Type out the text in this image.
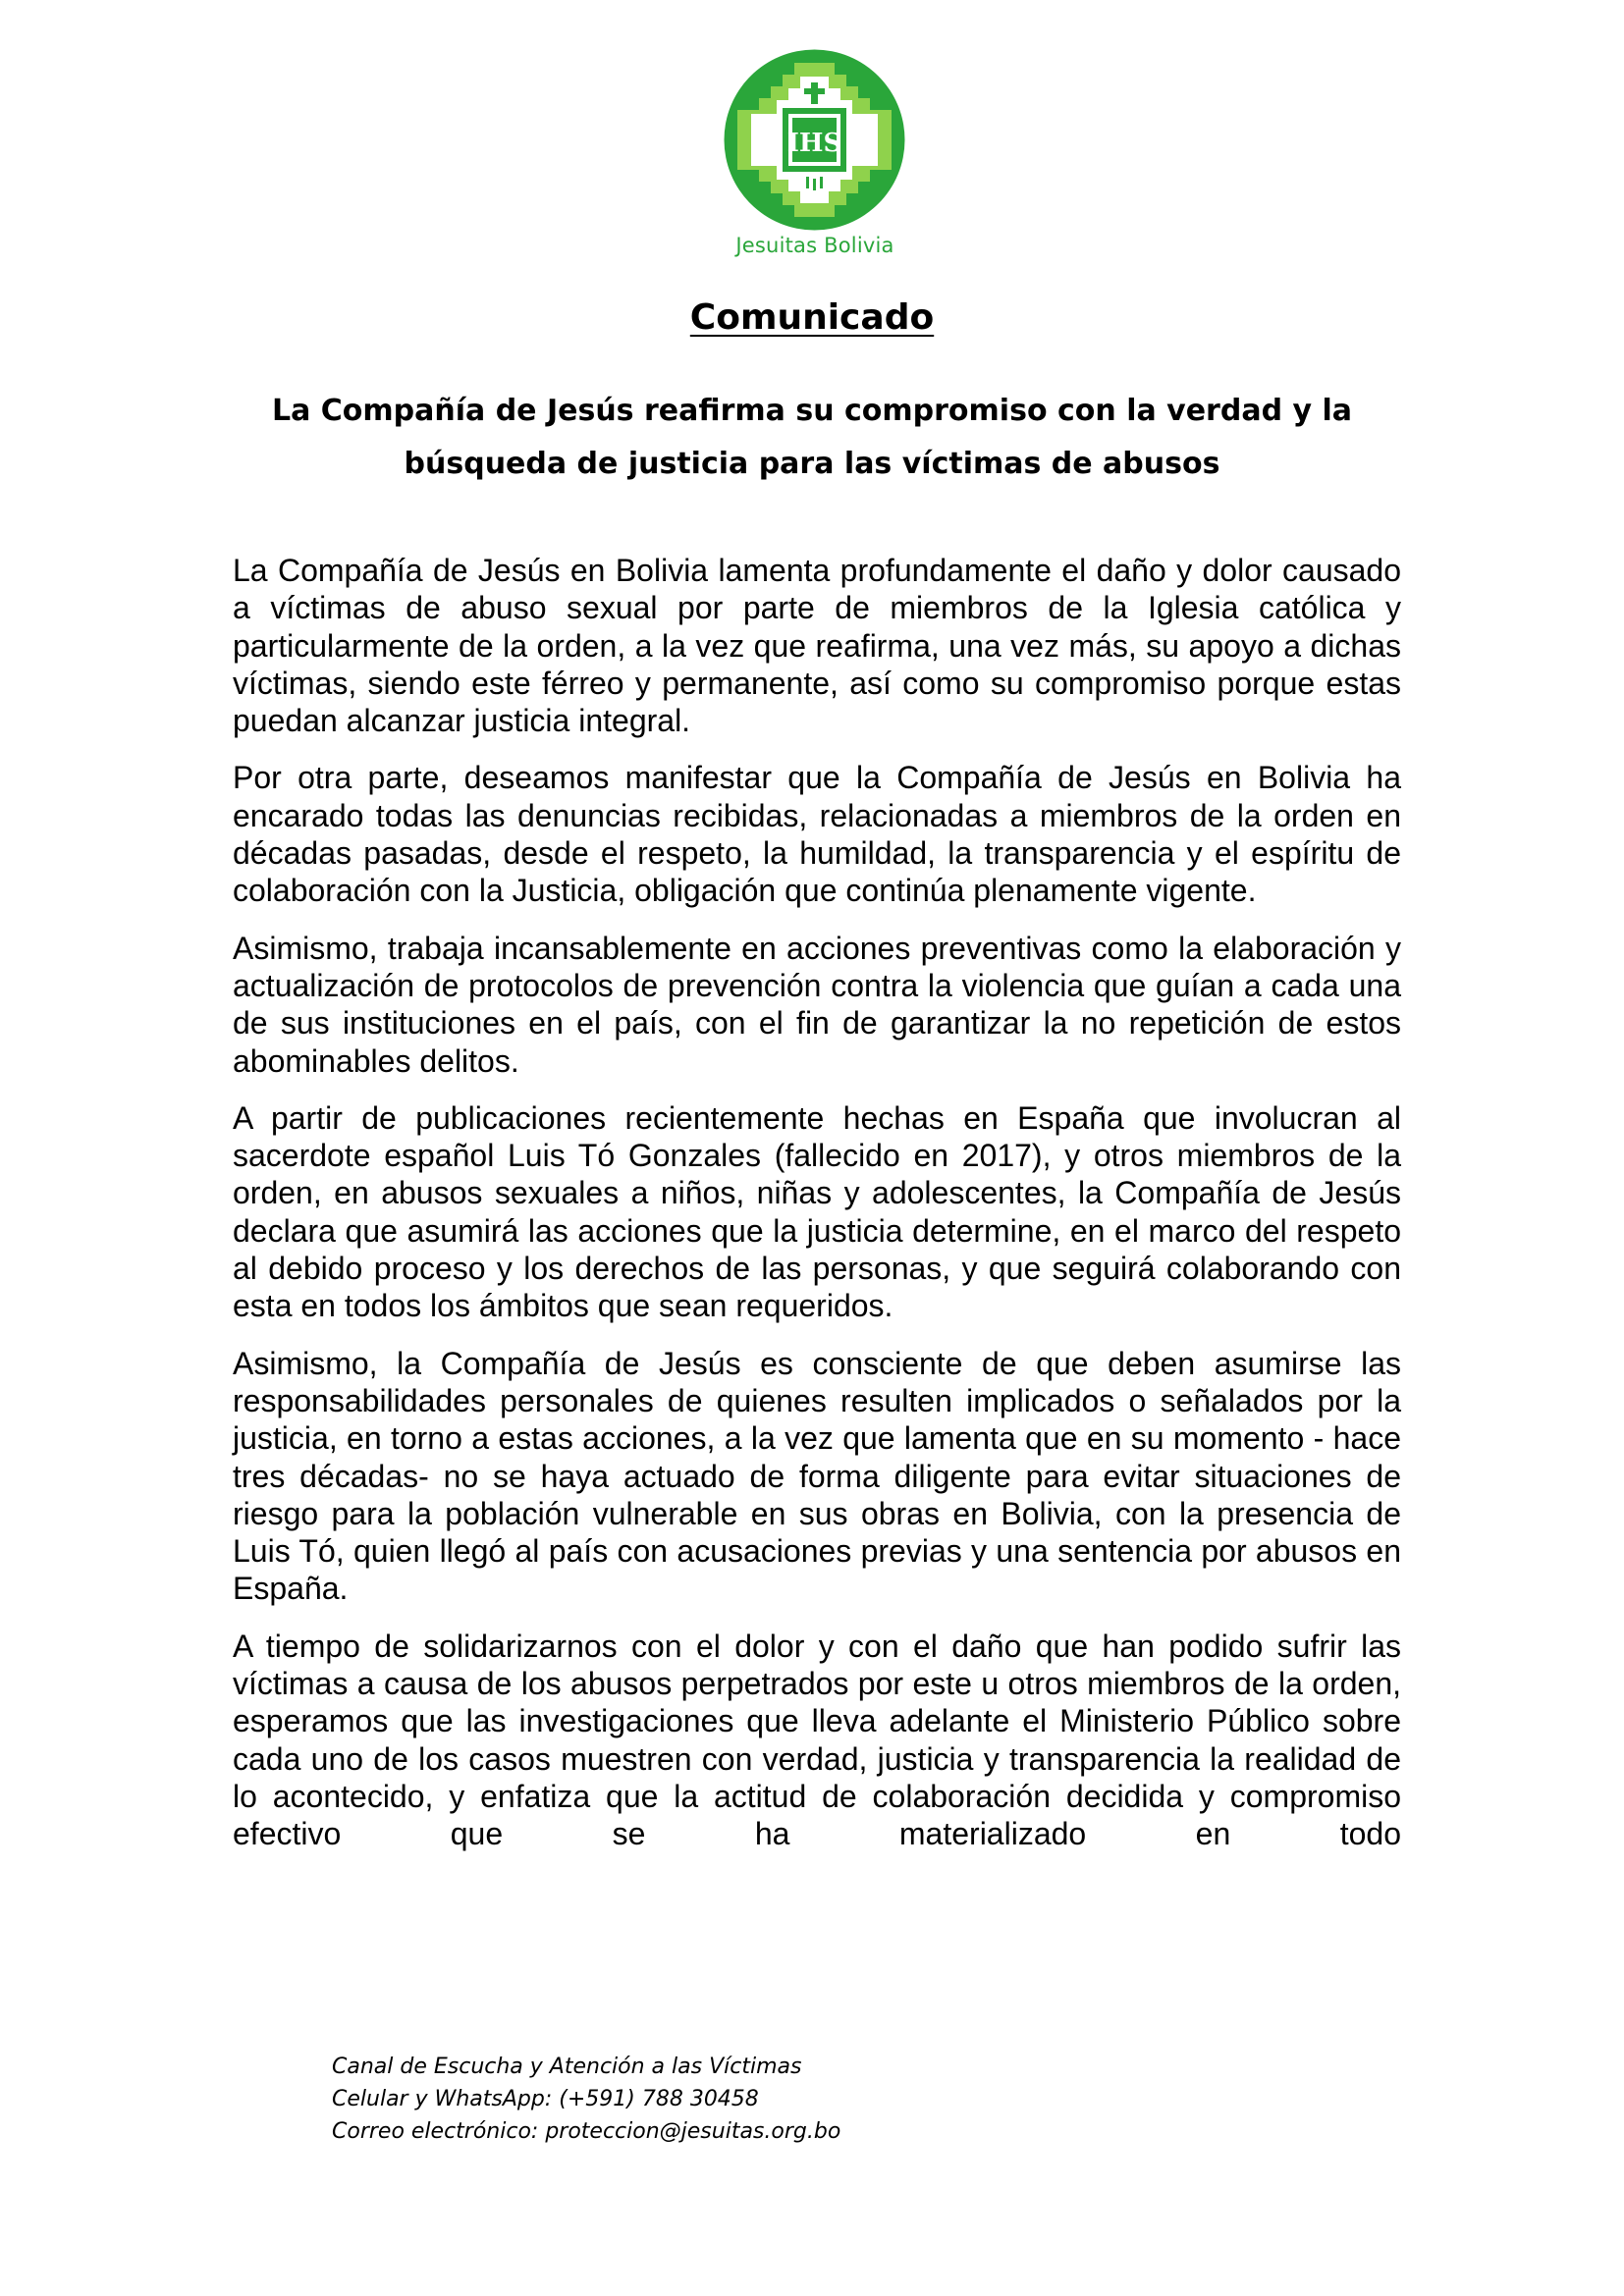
IHS
Jesuitas Bolivia
Comunicado
La Compañía de Jesús reafirma su compromiso con la verdad y la
búsqueda de justicia para las víctimas de abusos

La Compañía de Jesús en Bolivia lamenta profundamente el daño y dolor causado a víctimas de abuso sexual por parte de miembros de la Iglesia católica y particularmente de la orden, a la vez que reafirma, una vez más, su apoyo a dichas víctimas, siendo este férreo y permanente, así como su compromiso porque estas puedan alcanzar justicia integral.

Por otra parte, deseamos manifestar que la Compañía de Jesús en Bolivia ha encarado todas las denuncias recibidas, relacionadas a miembros de la orden en décadas pasadas, desde el respeto, la humildad, la transparencia y el espíritu de colaboración con la Justicia, obligación que continúa plenamente vigente.

Asimismo, trabaja incansablemente en acciones preventivas como la elaboración y actualización de protocolos de prevención contra la violencia que guían a cada una de sus instituciones en el país, con el fin de garantizar la no repetición de estos abominables delitos.

A partir de publicaciones recientemente hechas en España que involucran al sacerdote español Luis Tó Gonzales (fallecido en 2017), y otros miembros de la orden, en abusos sexuales a niños, niñas y adolescentes, la Compañía de Jesús declara que asumirá las acciones que la justicia determine, en el marco del respeto al debido proceso y los derechos de las personas, y que seguirá colaborando con esta en todos los ámbitos que sean requeridos.

Asimismo, la Compañía de Jesús es consciente de que deben asumirse las responsabilidades personales de quienes resulten implicados o señalados por la justicia, en torno a estas acciones, a la vez que lamenta que en su momento - hace tres décadas- no se haya actuado de forma diligente para evitar situaciones de riesgo para la población vulnerable en sus obras en Bolivia, con la presencia de Luis Tó, quien llegó al país con acusaciones previas y una sentencia por abusos en España.

A tiempo de solidarizarnos con el dolor y con el daño que han podido sufrir las víctimas a causa de los abusos perpetrados por este u otros miembros de la orden, esperamos que las investigaciones que lleva adelante el Ministerio Público sobre cada uno de los casos muestren con verdad, justicia y transparencia la realidad de lo acontecido, y enfatiza que la actitud de colaboración decidida y compromiso efectivo que se ha materializado en todo

Canal de Escucha y Atención a las Víctimas
Celular y WhatsApp: (+591) 788 30458
Correo electrónico: proteccion@jesuitas.org.bo
